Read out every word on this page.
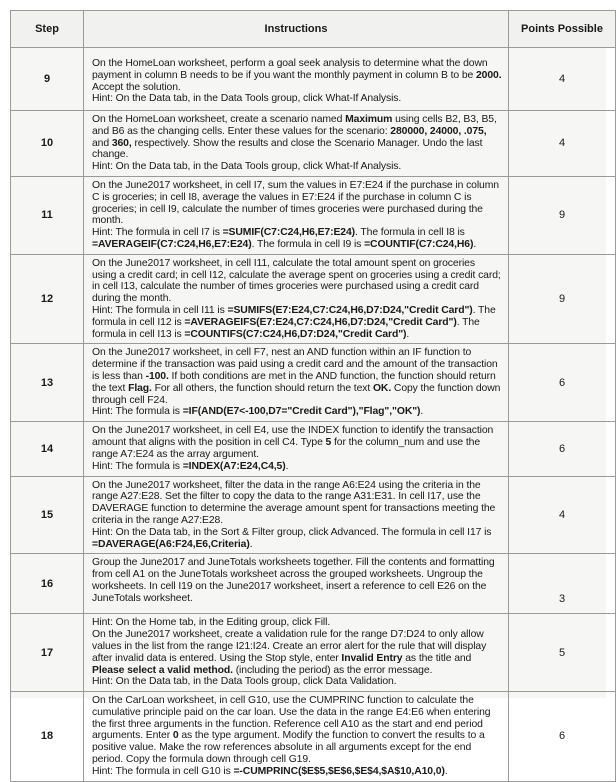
Step	Instructions	Points Possible
9	On the HomeLoan worksheet, perform a goal seek analysis to determine what the down payment in column B needs to be if you want the monthly payment in column B to be 2000. Accept the solution.

Hint: On the Data tab, in the Data Tools group, click What-If Analysis.	4
10	On the HomeLoan worksheet, create a scenario named Maximum using cells B2, B3, B5, and B6 as the changing cells. Enter these values for the scenario: 280000, 24000, .075, and 360, respectively. Show the results and close the Scenario Manager. Undo the last change.

Hint: On the Data tab, in the Data Tools group, click What-If Analysis.	4
11	On the June2017 worksheet, in cell I7, sum the values in E7:E24 if the purchase in column C is groceries; in cell I8, average the values in E7:E24 if the purchase in column C is groceries; in cell I9, calculate the number of times groceries were purchased during the month.

Hint: The formula in cell I7 is =SUMIF(C7:C24,H6,E7:E24). The formula in cell I8 is =AVERAGEIF(C7:C24,H6,E7:E24). The formula in cell I9 is =COUNTIF(C7:C24,H6).	9
12	On the June2017 worksheet, in cell I11, calculate the total amount spent on groceries using a credit card; in cell I12, calculate the average spent on groceries using a credit card; in cell I13, calculate the number of times groceries were purchased using a credit card during the month.

Hint: The formula in cell I11 is =SUMIFS(E7:E24,C7:C24,H6,D7:D24,"Credit Card"). The formula in cell I12 is =AVERAGEIFS(E7:E24,C7:C24,H6,D7:D24,"Credit Card"). The formula in cell I13 is =COUNTIFS(C7:C24,H6,D7:D24,"Credit Card").	9
13	On the June2017 worksheet, in cell F7, nest an AND function within an IF function to determine if the transaction was paid using a credit card and the amount of the transaction is less than -100. If both conditions are met in the AND function, the function should return the text Flag. For all others, the function should return the text OK. Copy the function down through cell F24.

Hint: The formula is =IF(AND(E7<-100,D7="Credit Card"),"Flag","OK").	6
14	On the June2017 worksheet, in cell E4, use the INDEX function to identify the transaction amount that aligns with the position in cell C4. Type 5 for the column_num and use the range A7:E24 as the array argument.

Hint: The formula is =INDEX(A7:E24,C4,5).	6
15	On the June2017 worksheet, filter the data in the range A6:E24 using the criteria in the range A27:E28. Set the filter to copy the data to the range A31:E31. In cell I17, use the DAVERAGE function to determine the average amount spent for transactions meeting the criteria in the range A27:E28.

Hint: On the Data tab, in the Sort & Filter group, click Advanced. The formula in cell I17 is =DAVERAGE(A6:F24,E6,Criteria).	4
16	Group the June2017 and JuneTotals worksheets together. Fill the contents and formatting from cell A1 on the JuneTotals worksheet across the grouped worksheets. Ungroup the worksheets. In cell I19 on the June2017 worksheet, insert a reference to cell E26 on the JuneTotals worksheet.	3
17	Hint: On the Home tab, in the Editing group, click Fill.

On the June2017 worksheet, create a validation rule for the range D7:D24 to only allow values in the list from the range I21:I24. Create an error alert for the rule that will display after invalid data is entered. Using the Stop style, enter Invalid Entry as the title and Please select a valid method. (including the period) as the error message.

Hint: On the Data tab, in the Data Tools group, click Data Validation.	5
18	On the CarLoan worksheet, in cell G10, use the CUMPRINC function to calculate the cumulative principle paid on the car loan. Use the data in the range E4:E6 when entering the first three arguments in the function. Reference cell A10 as the start and end period arguments. Enter 0 as the type argument. Modify the function to convert the results to a positive value. Make the row references absolute in all arguments except for the end period. Copy the formula down through cell G19.

Hint: The formula in cell G10 is =-CUMPRINC($E$5,$E$6,$E$4,$A$10,A10,0).	6
